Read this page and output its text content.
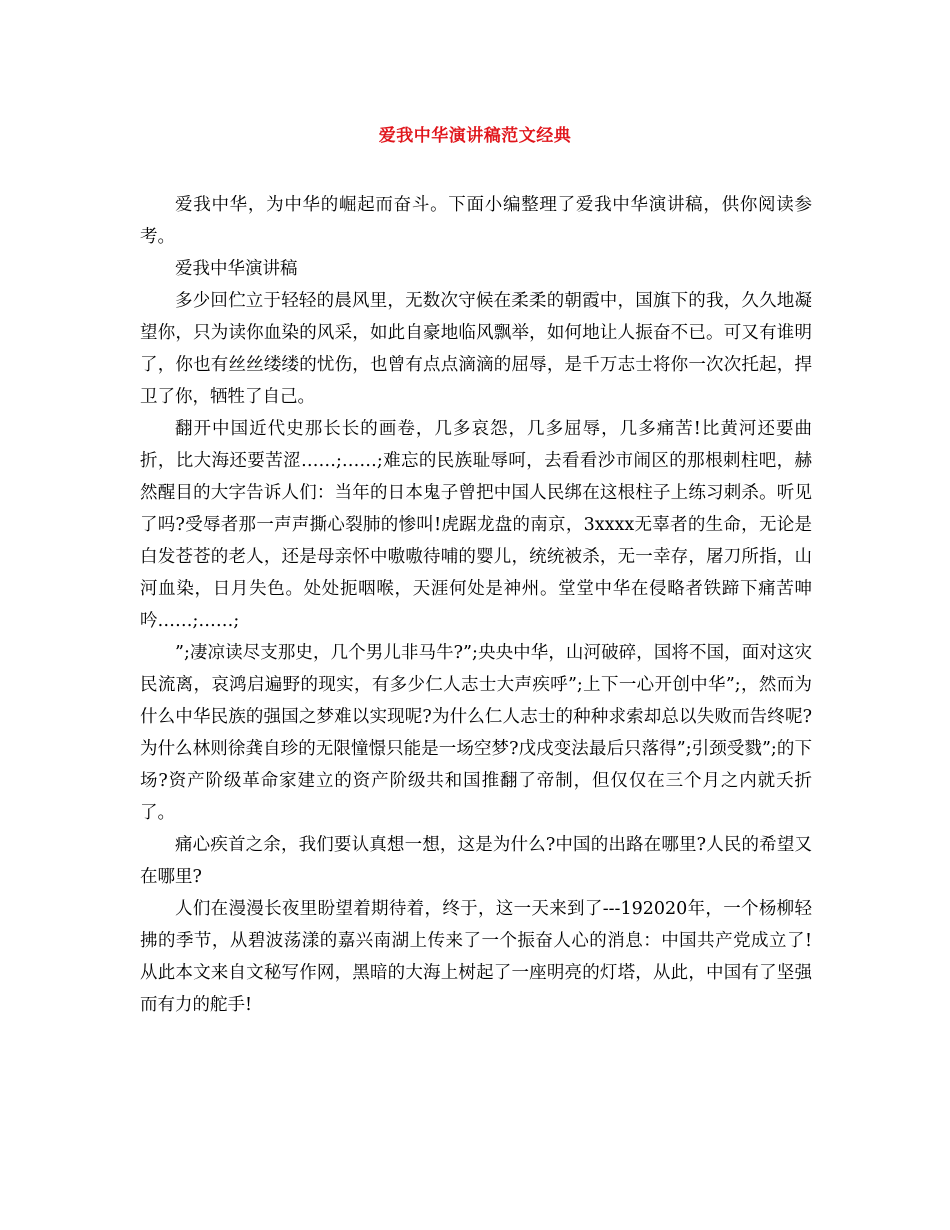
爱我中华演讲稿范文经典

爱我中华，为中华的崛起而奋斗。下面小编整理了爱我中华演讲稿，供你阅读参考。

爱我中华演讲稿

多少回伫立于轻轻的晨风里，无数次守候在柔柔的朝霞中，国旗下的我，久久地凝望你，只为读你血染的风采，如此自豪地临风飘举，如何地让人振奋不已。可又有谁明了，你也有丝丝缕缕的忧伤，也曾有点点滴滴的屈辱，是千万志士将你一次次托起，捍卫了你，牺牲了自己。

翻开中国近代史那长长的画卷，几多哀怨，几多屈辱，几多痛苦!比黄河还要曲折，比大海还要苦涩……;……;难忘的民族耻辱呵，去看看沙市闹区的那根刺柱吧，赫然醒目的大字告诉人们：当年的日本鬼子曾把中国人民绑在这根柱子上练习刺杀。听见了吗?受辱者那一声声撕心裂肺的惨叫!虎踞龙盘的南京，3xxxx无辜者的生命，无论是白发苍苍的老人，还是母亲怀中嗷嗷待哺的婴儿，统统被杀，无一幸存，屠刀所指，山河血染，日月失色。处处扼咽喉，天涯何处是神州。堂堂中华在侵略者铁蹄下痛苦呻吟……;……;

”;凄凉读尽支那史，几个男儿非马牛?”;央央中华，山河破碎，国将不国，面对这灾民流离，哀鸿启遍野的现实，有多少仁人志士大声疾呼”;上下一心开创中华”;，然而为什么中华民族的强国之梦难以实现呢?为什么仁人志士的种种求索却总以失败而告终呢?为什么林则徐龚自珍的无限憧憬只能是一场空梦?戊戌变法最后只落得”;引颈受戮”;的下场?资产阶级革命家建立的资产阶级共和国推翻了帝制，但仅仅在三个月之内就夭折了。

痛心疾首之余，我们要认真想一想，这是为什么?中国的出路在哪里?人民的希望又在哪里?

人们在漫漫长夜里盼望着期待着，终于，这一天来到了---192020年，一个杨柳轻拂的季节，从碧波荡漾的嘉兴南湖上传来了一个振奋人心的消息：中国共产党成立了!从此本文来自文秘写作网，黑暗的大海上树起了一座明亮的灯塔，从此，中国有了坚强而有力的舵手!
